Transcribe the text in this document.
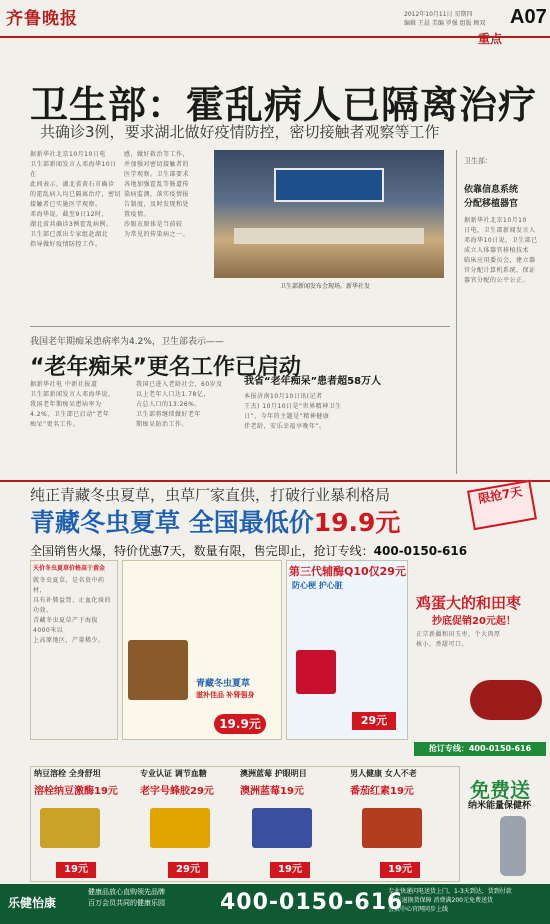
齐鲁晚报	2012年10月11日 星期四
编辑 王晨 美编 罗强 组版 顾双 A07
重点
卫生部：霍乱病人已隔离治疗
共确诊3例，要求湖北做好疫情防控，密切接触者观察等工作
据新华社北京10月10日电
卫生部新闻发言人邓海华10日在
此间表示，湖北省黄石市确诊
的霍乱病人均已隔离治疗，密切
接触者已实施医学观察。
邓海华说，截至9日12时，
湖北省共确诊3例霍乱病例。
卫生部已派出专家组赴湖北
指导做好疫情防控工作。
感，做好救治等工作，
并加强对密切接触者的
医学观察。卫生部要求
各地加强霍乱等肠道传
染病监测，落实疫情报
告制度，及时发现和处
置疫情。
沙眼衣原体是当前较
为常见的传染病之一。
卫生部新闻发布会现场。新华社发
卫生部：
依靠信息系统
分配移植器官
据新华社北京10月10
日电，卫生部新闻发言人
邓海华10日说，卫生部已
成立人体器官移植技术
临床应用委员会，建立器
官分配计算机系统，保证
器官分配的公平公正。
我国老年期痴呆患病率为4.2%，卫生部表示——
“老年痴呆”更名工作已启动
据新华社电 中新社报道
卫生部新闻发言人邓海华说，
我国老年期痴呆患病率为
4.2%，卫生部已启动“老年
痴呆”更名工作。
我国已进入老龄社会，60岁及
以上老年人口达1.78亿，
占总人口的13.26%。
卫生部将继续做好老年
期痴呆防治工作。
我省“老年痴呆”患者超58万人
本报济南10月10日讯(记者
王杰) 10月10日是“世界精神卫生
日”，今年的主题是“精神健康
伴老龄，安乐幸福享晚年”。
纯正青藏冬虫夏草，虫草厂家直供，打破行业暴利格局
青藏冬虫夏草 全国最低价19.9元
限抢7天
全国销售火爆，特价优惠7天，数量有限，售完即止，抢订专线：400-0150-616
天价冬虫夏草价格高于黄金
就冬虫夏草，是名贵中药材，
具有补肺益肾、止血化痰的功效。
青藏冬虫夏草产于海拔4000米以
上高原地区，产量稀少。
青藏冬虫夏草
滋补佳品 补肾强身
19.9元
第三代辅酶Q10仅29元
防心梗 护心脏
29元
鸡蛋大的和田枣
抄底促销20元起！
正宗新疆和田玉枣，个大肉厚
核小，香甜可口。
抢订专线：400-0150-616
纳豆溶栓 全身舒坦
溶栓纳豆激酶19元
19元
专业认证 调节血糖
老字号蜂胶29元
29元
澳洲蓝莓 护眼明目
澳洲蓝莓19元
19元
男人健康 女人不老
番茄红素19元
19元
免费送
纳米能量保健杯
乐健怡康
健康品放心直购领先品牌
百万会员共同的健康乐园	400-0150-616
专业快递闪电送货上门，1-3天到达，货到付款
30天退换货保障 消费满200元免费送货
会员中心官网同步上线
